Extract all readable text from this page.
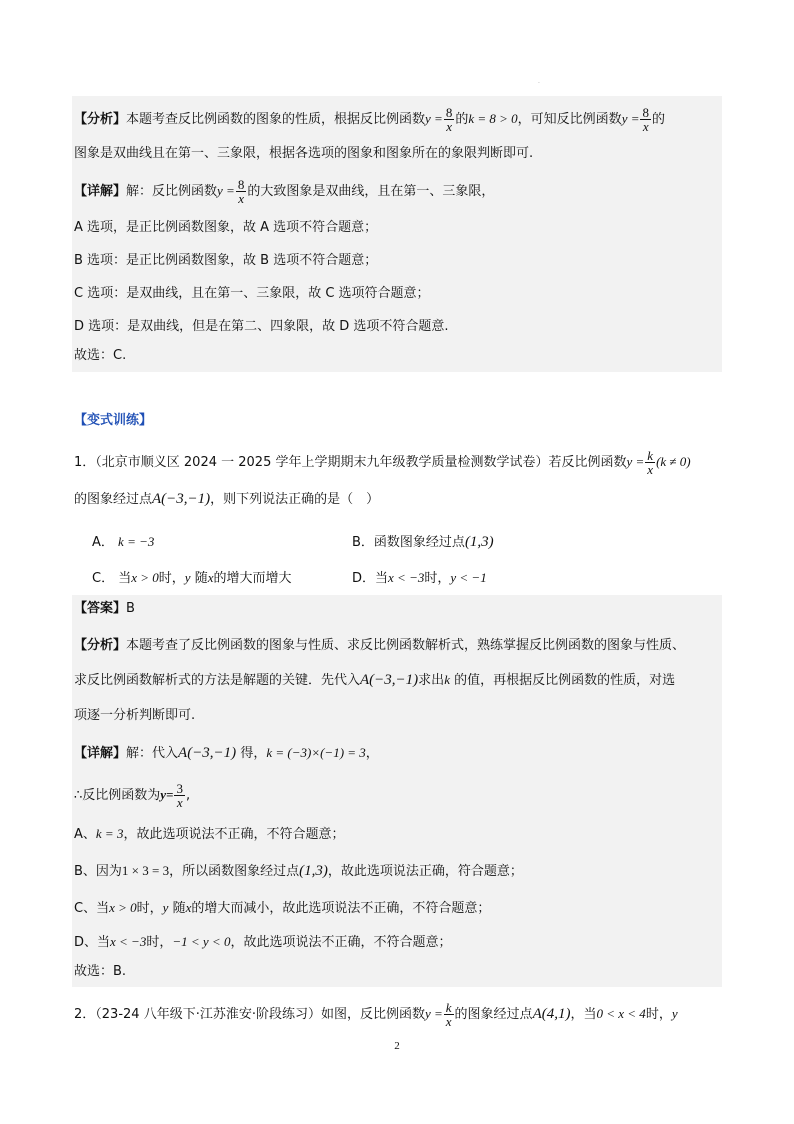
.
【分析】本题考查反比例函数的图象的性质，根据反比例函数$y = \frac{8}{x}$ 的k = 8 > 0，可知反比例函数$y = \frac{8}{x}$ 的
图象是双曲线且在第一、三象限，根据各选项的图象和图象所在的象限判断即可.
【详解】解：反比例函数$y = \frac{8}{x}$ 的大致图象是双曲线，且在第一、三象限，
A 选项，是正比例函数图象，故 A 选项不符合题意；
B 选项：是正比例函数图象，故 B 选项不符合题意；
C 选项：是双曲线，且在第一、三象限，故 C 选项符合题意；
D 选项：是双曲线，但是在第二、四象限，故 D 选项不符合题意.
故选：C.
【变式训练】
1．（北京市顺义区 2024 一 2025 学年上学期期末九年级教学质量检测数学试卷）若反比例函数$y = \frac{k}{x} (k \ne 0)$
的图象经过点A(−3,−1)，则下列说法正确的是（　）
A． k = −3	B．函数图象经过点(1,3)
C． 当x > 0时，y 随x的增大而增大	D．当x < −3时，y < −1
【答案】B
【分析】本题考查了反比例函数的图象与性质、求反比例函数解析式，熟练掌握反比例函数的图象与性质、
求反比例函数解析式的方法是解题的关键．先代入A(−3,−1)求出k 的值，再根据反比例函数的性质，对选
项逐一分析判断即可.
【详解】解：代入A(−3,−1) 得，k = (−3)×(−1) = 3，
∴反比例函数为$y= \frac{3}{x}$ ,
A、k = 3，故此选项说法不正确，不符合题意；
B、因为1 × 3 = 3，所以函数图象经过点(1,3)，故此选项说法正确，符合题意；
C、当x > 0时，y 随x的增大而减小，故此选项说法不正确，不符合题意；
D、当x < −3时，−1 < y < 0，故此选项说法不正确，不符合题意；
故选：B.
2．（23-24 八年级下·江苏淮安·阶段练习）如图，反比例函数$y = \frac{k}{x}$ 的图象经过点A(4,1)，当0 < x < 4时，y
2
